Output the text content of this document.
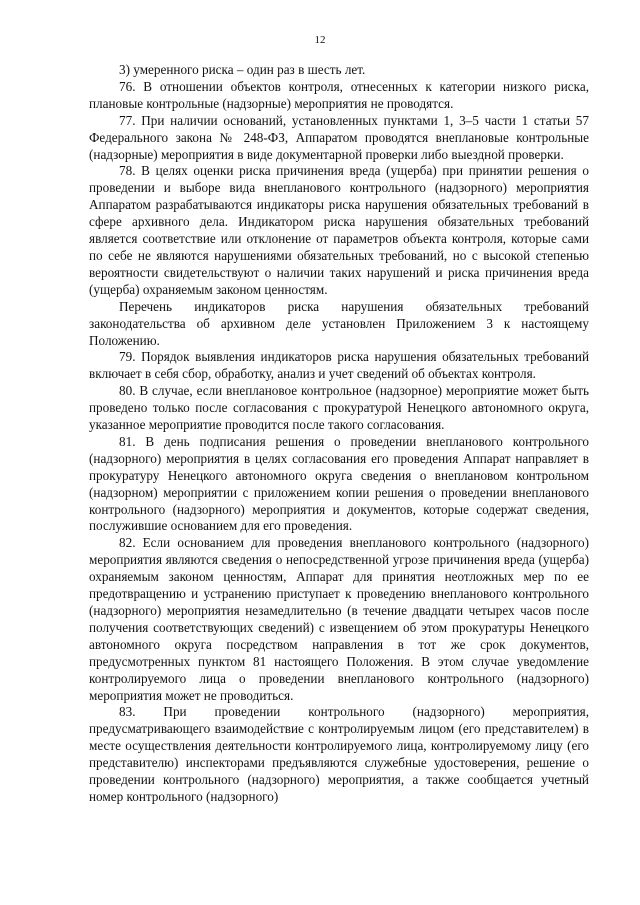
12

3) умеренного риска – один раз в шесть лет.

76. В отношении объектов контроля, отнесенных к категории низкого риска, плановые контрольные (надзорные) мероприятия не проводятся.

77. При наличии оснований, установленных пунктами 1, 3–5 части 1 статьи 57 Федерального закона № 248-ФЗ, Аппаратом проводятся внеплановые контрольные (надзорные) мероприятия в виде документарной проверки либо выездной проверки.

78. В целях оценки риска причинения вреда (ущерба) при принятии решения о проведении и выборе вида внепланового контрольного (надзорного) мероприятия Аппаратом разрабатываются индикаторы риска нарушения обязательных требований в сфере архивного дела. Индикатором риска нарушения обязательных требований является соответствие или отклонение от параметров объекта контроля, которые сами по себе не являются нарушениями обязательных требований, но с высокой степенью вероятности свидетельствуют о наличии таких нарушений и риска причинения вреда (ущерба) охраняемым законом ценностям.

Перечень индикаторов риска нарушения обязательных требований законодательства об архивном деле установлен Приложением 3 к настоящему Положению.

79. Порядок выявления индикаторов риска нарушения обязательных требований включает в себя сбор, обработку, анализ и учет сведений об объектах контроля.

80. В случае, если внеплановое контрольное (надзорное) мероприятие может быть проведено только после согласования с прокуратурой Ненецкого автономного округа, указанное мероприятие проводится после такого согласования.

81. В день подписания решения о проведении внепланового контрольного (надзорного) мероприятия в целях согласования его проведения Аппарат направляет в прокуратуру Ненецкого автономного округа сведения о внеплановом контрольном (надзорном) мероприятии с приложением копии решения о проведении внепланового контрольного (надзорного) мероприятия и документов, которые содержат сведения, послужившие основанием для его проведения.

82. Если основанием для проведения внепланового контрольного (надзорного) мероприятия являются сведения о непосредственной угрозе причинения вреда (ущерба) охраняемым законом ценностям, Аппарат для принятия неотложных мер по ее предотвращению и устранению приступает к проведению внепланового контрольного (надзорного) мероприятия незамедлительно (в течение двадцати четырех часов после получения соответствующих сведений) с извещением об этом прокуратуры Ненецкого автономного округа посредством направления в тот же срок документов, предусмотренных пунктом 81 настоящего Положения. В этом случае уведомление контролируемого лица о проведении внепланового контрольного (надзорного) мероприятия может не проводиться.

83. При проведении контрольного (надзорного) мероприятия, предусматривающего взаимодействие с контролируемым лицом (его представителем) в месте осуществления деятельности контролируемого лица, контролируемому лицу (его представителю) инспекторами предъявляются служебные удостоверения, решение о проведении контрольного (надзорного) мероприятия, а также сообщается учетный номер контрольного (надзорного)
